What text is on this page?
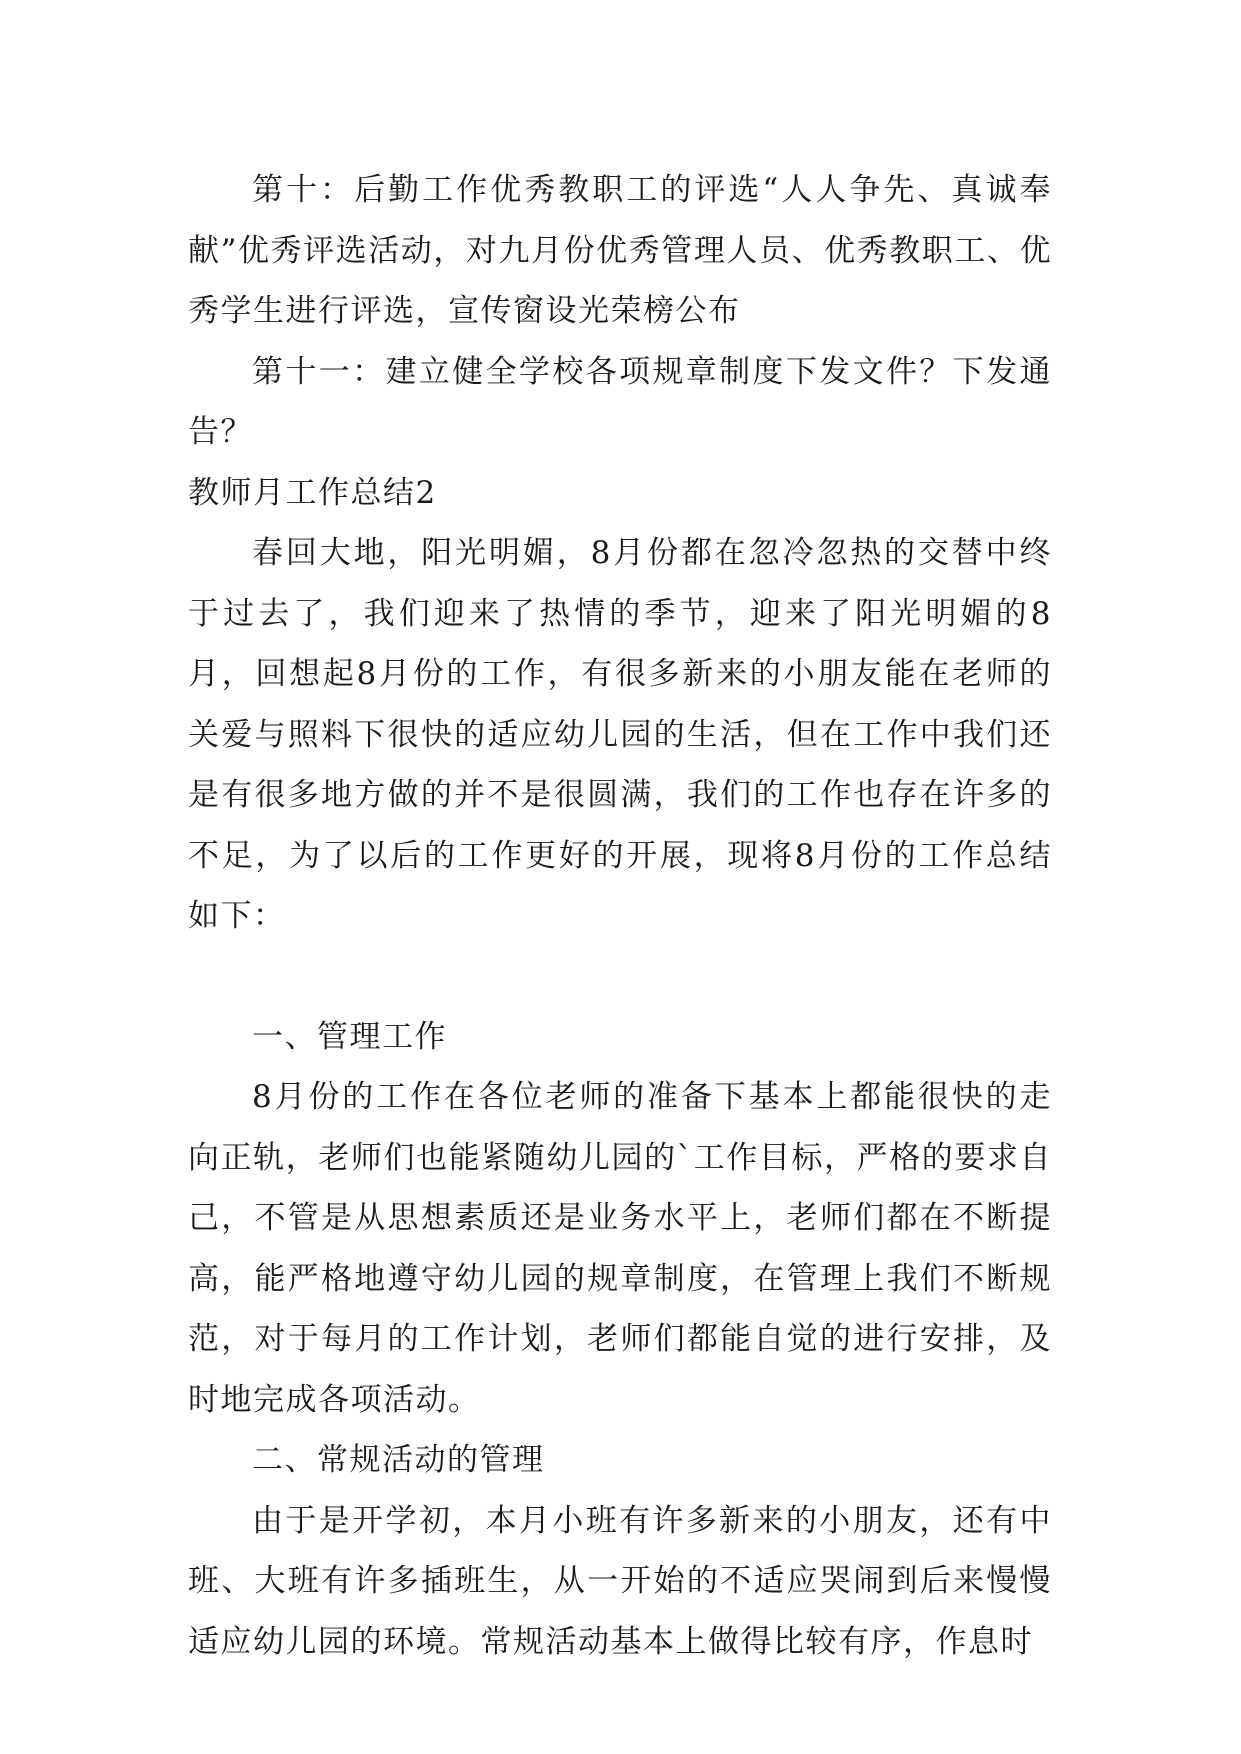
第十：后勤工作优秀教职工的评选“人人争先、真诚奉献”优秀评选活动，对九月份优秀管理人员、优秀教职工、优秀学生进行评选，宣传窗设光荣榜公布

第十一：建立健全学校各项规章制度下发文件？下发通告？

教师月工作总结2

春回大地，阳光明媚，8月份都在忽冷忽热的交替中终于过去了，我们迎来了热情的季节，迎来了阳光明媚的8月，回想起8月份的工作，有很多新来的小朋友能在老师的关爱与照料下很快的适应幼儿园的生活，但在工作中我们还是有很多地方做的并不是很圆满，我们的工作也存在许多的不足，为了以后的工作更好的开展，现将8月份的工作总结如下：

一、管理工作

8月份的工作在各位老师的准备下基本上都能很快的走向正轨，老师们也能紧随幼儿园的`工作目标，严格的要求自己，不管是从思想素质还是业务水平上，老师们都在不断提高，能严格地遵守幼儿园的规章制度，在管理上我们不断规范，对于每月的工作计划，老师们都能自觉的进行安排，及时地完成各项活动。

二、常规活动的管理

由于是开学初，本月小班有许多新来的小朋友，还有中班、大班有许多插班生，从一开始的不适应哭闹到后来慢慢适应幼儿园的环境。常规活动基本上做得比较有序，作息时
